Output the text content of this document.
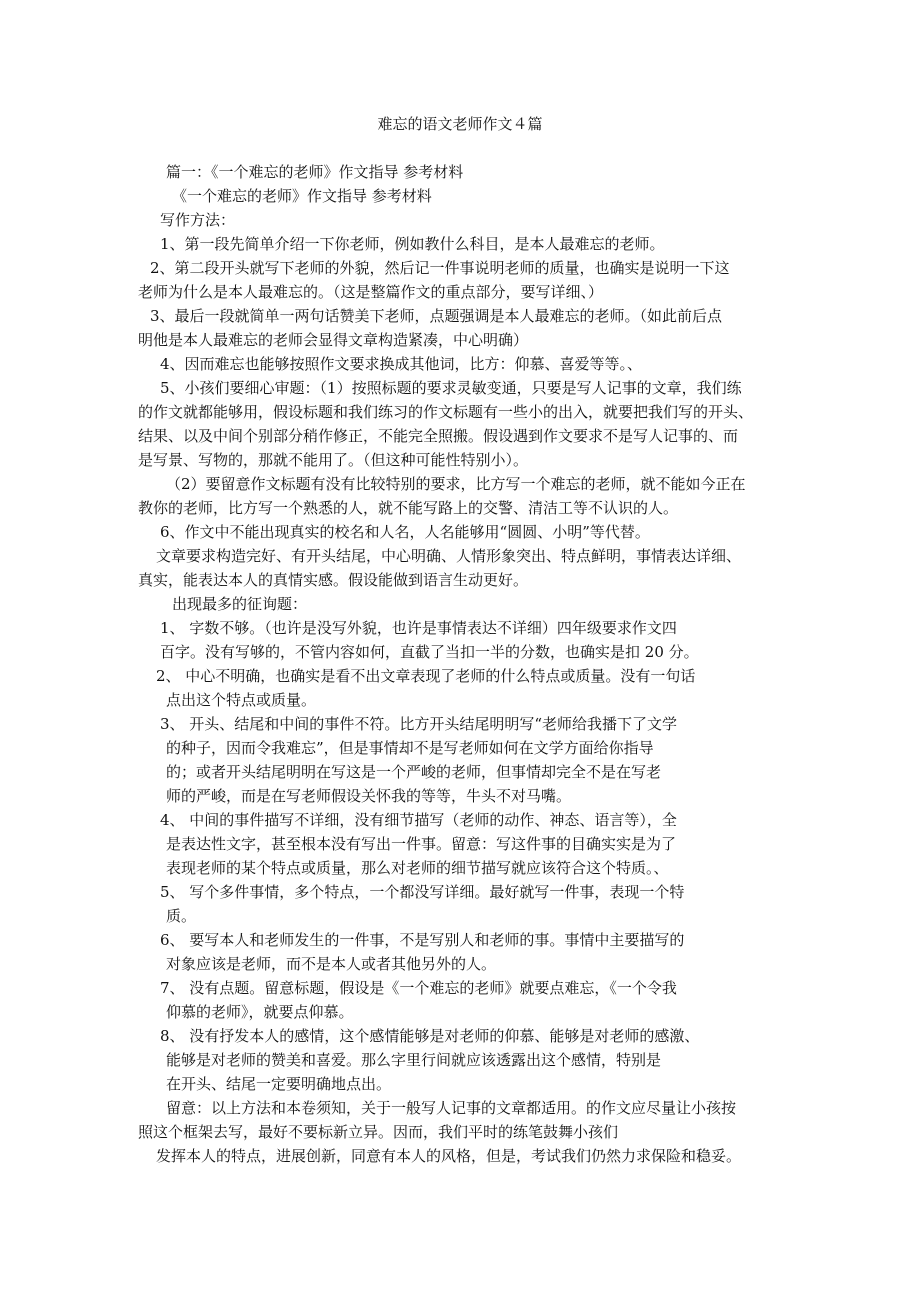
难忘的语文老师作文４篇
篇一：《一个难忘的老师》作文指导 参考材料
《一个难忘的老师》作文指导 参考材料
写作方法：
1、第一段先简单介绍一下你老师，例如教什么科目，是本人最难忘的老师。
2、第二段开头就写下老师的外貌，然后记一件事说明老师的质量，也确实是说明一下这
老师为什么是本人最难忘的。（这是整篇作文的重点部分，要写详细、）
3、最后一段就简单一两句话赞美下老师，点题强调是本人最难忘的老师。（如此前后点
明他是本人最难忘的老师会显得文章构造紧凑，中心明确）
4、因而难忘也能够按照作文要求换成其他词，比方：仰慕、喜爱等等。、
5、小孩们要细心审题：（1）按照标题的要求灵敏变通，只要是写人记事的文章，我们练
的作文就都能够用，假设标题和我们练习的作文标题有一些小的出入，就要把我们写的开头、
结果、以及中间个别部分稍作修正，不能完全照搬。假设遇到作文要求不是写人记事的、而
是写景、写物的，那就不能用了。（但这种可能性特别小）。
（2）要留意作文标题有没有比较特别的要求，比方写一个难忘的老师，就不能如今正在
教你的老师，比方写一个熟悉的人，就不能写路上的交警、清洁工等不认识的人。
6、作文中不能出现真实的校名和人名，人名能够用“圆圆、小明”等代替。
文章要求构造完好、有开头结尾，中心明确、人情形象突出、特点鲜明，事情表达详细、
真实，能表达本人的真情实感。假设能做到语言生动更好。
出现最多的征询题：
1、 字数不够。（也许是没写外貌，也许是事情表达不详细）四年级要求作文四
百字。没有写够的，不管内容如何，直截了当扣一半的分数，也确实是扣 20 分。
2、 中心不明确，也确实是看不出文章表现了老师的什么特点或质量。没有一句话
点出这个特点或质量。
3、 开头、结尾和中间的事件不符。比方开头结尾明明写“老师给我播下了文学
的种子，因而令我难忘”，但是事情却不是写老师如何在文学方面给你指导
的；或者开头结尾明明在写这是一个严峻的老师，但事情却完全不是在写老
师的严峻，而是在写老师假设关怀我的等等，牛头不对马嘴。
4、 中间的事件描写不详细，没有细节描写（老师的动作、神态、语言等），全
是表达性文字，甚至根本没有写出一件事。留意：写这件事的目确实实是为了
表现老师的某个特点或质量，那么对老师的细节描写就应该符合这个特质。、
5、 写个多件事情，多个特点，一个都没写详细。最好就写一件事，表现一个特
质。
6、 要写本人和老师发生的一件事，不是写别人和老师的事。事情中主要描写的
对象应该是老师，而不是本人或者其他另外的人。
7、 没有点题。留意标题，假设是《一个难忘的老师》就要点难忘，《一个令我
仰慕的老师》，就要点仰慕。
8、 没有抒发本人的感情，这个感情能够是对老师的仰慕、能够是对老师的感激、
能够是对老师的赞美和喜爱。那么字里行间就应该透露出这个感情，特别是
在开头、结尾一定要明确地点出。
留意：以上方法和本卷须知，关于一般写人记事的文章都适用。的作文应尽量让小孩按
照这个框架去写，最好不要标新立异。因而，我们平时的练笔鼓舞小孩们
发挥本人的特点，进展创新，同意有本人的风格，但是，考试我们仍然力求保险和稳妥。
